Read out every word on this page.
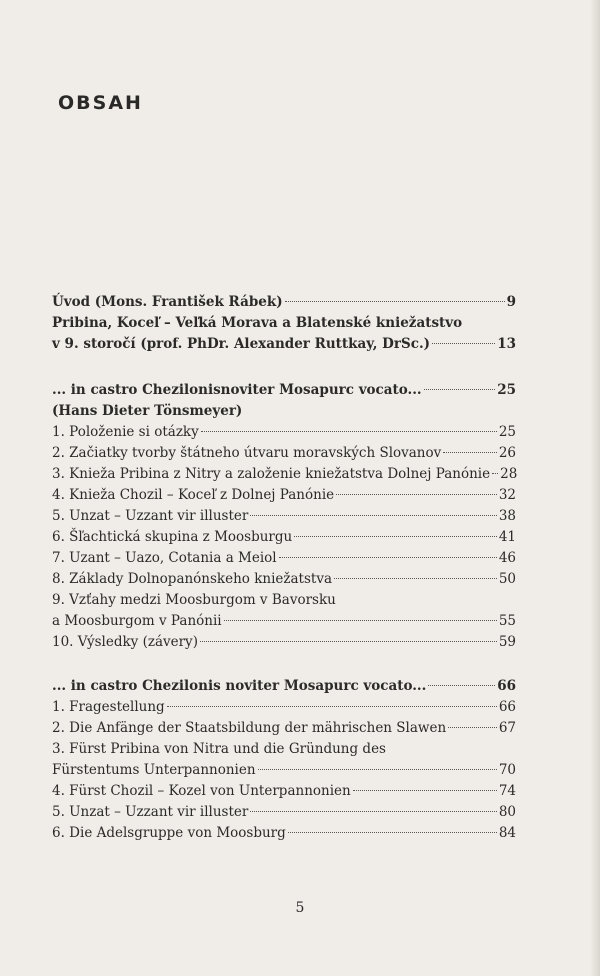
OBSAH
Úvod (Mons. František Rábek)	9
Pribina, Koceľ – Veľká Morava a Blatenské kniežatstvo
v 9. storočí (prof. PhDr. Alexander Ruttkay, DrSc.)	13
... in castro Chezilonisnoviter Mosapurc vocato...	25
(Hans Dieter Tönsmeyer)
1. Položenie si otázky	25
2. Začiatky tvorby štátneho útvaru moravských Slovanov	26
3. Knieža Pribina z Nitry a založenie kniežatstva Dolnej Panónie 28
4. Knieža Chozil – Koceľ z Dolnej Panónie	32
5. Unzat – Uzzant vir illuster	38
6. Šľachtická skupina z Moosburgu	41
7. Uzant – Uazo, Cotania a Meiol	46
8. Základy Dolnopanónskeho kniežatstva	50
9. Vzťahy medzi Moosburgom v Bavorsku
a Moosburgom v Panónii	55
10. Výsledky (závery)	59
... in castro Chezilonis noviter Mosapurc vocato...	66
1. Fragestellung	66
2. Die Anfänge der Staatsbildung der mährischen Slawen	67
3. Fürst Pribina von Nitra und die Gründung des
Fürstentums Unterpannonien	70
4. Fürst Chozil – Kozel von Unterpannonien	74
5. Unzat – Uzzant vir illuster	80
6. Die Adelsgruppe von Moosburg	84
5
